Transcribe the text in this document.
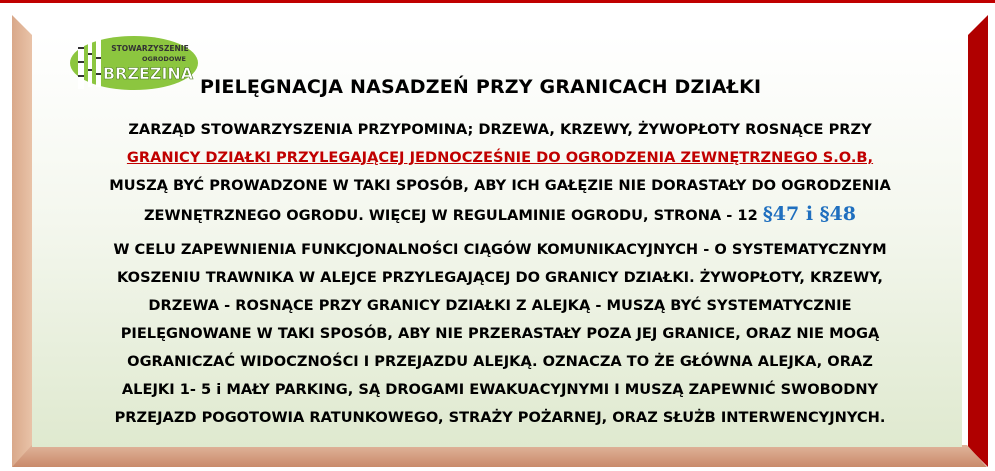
STOWARZYSZENIE
OGRODOWE
BRZEZINA
PIELĘGNACJA NASADZEŃ PRZY GRANICACH DZIAŁKI
ZARZĄD STOWARZYSZENIA PRZYPOMINA; DRZEWA, KRZEWY, ŻYWOPŁOTY ROSNĄCE PRZY
GRANICY DZIAŁKI PRZYLEGAJĄCEJ JEDNOCZEŚNIE DO OGRODZENIA ZEWNĘTRZNEGO S.O.B,
MUSZĄ BYĆ PROWADZONE W TAKI SPOSÓB, ABY ICH GAŁĘZIE NIE DORASTAŁY DO OGRODZENIA
ZEWNĘTRZNEGO OGRODU. WIĘCEJ W REGULAMINIE OGRODU, STRONA - 12 §47 i §48
W CELU ZAPEWNIENIA FUNKCJONALNOŚCI CIĄGÓW KOMUNIKACYJNYCH - O SYSTEMATYCZNYM
KOSZENIU TRAWNIKA W ALEJCE PRZYLEGAJĄCEJ DO GRANICY DZIAŁKI. ŻYWOPŁOTY, KRZEWY,
DRZEWA - ROSNĄCE PRZY GRANICY DZIAŁKI Z ALEJKĄ - MUSZĄ BYĆ SYSTEMATYCZNIE
PIELĘGNOWANE W TAKI SPOSÓB, ABY NIE PRZERASTAŁY POZA JEJ GRANICE, ORAZ NIE MOGĄ
OGRANICZAĆ WIDOCZNOŚCI I PRZEJAZDU ALEJKĄ. OZNACZA TO ŻE GŁÓWNA ALEJKA, ORAZ
ALEJKI 1- 5 i MAŁY PARKING, SĄ DROGAMI EWAKUACYJNYMI I MUSZĄ ZAPEWNIĆ SWOBODNY
PRZEJAZD POGOTOWIA RATUNKOWEGO, STRAŻY POŻARNEJ, ORAZ SŁUŻB INTERWENCYJNYCH.
